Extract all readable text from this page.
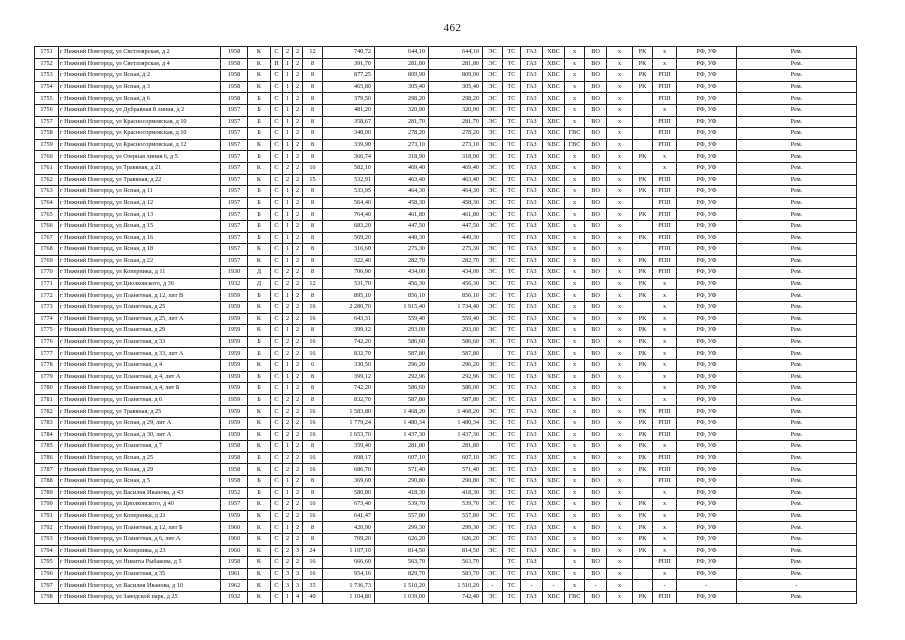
462
1751	г Нижний Новгород, ул Светлоярская, д 2	1958	К	С	2	2	12	740,72	644,10	644,10	ЭС	ТС	ГАЗ	ХВС	х	ВО	х	РК	х	РФ, УФ	Рем.
1752	г Нижний Новгород, ул Светлоярская, д 4	1958	К	П	1	2	8	391,70	281,80	281,80	ЭС	ТС	ГАЗ	ХВС	х	ВО	х	РК	х	РФ, УФ	Рем.
1753	г Нижний Новгород, ул Ясная, д 2	1958	К	С	1	2	8	877,25	809,90	809,90	ЭС	ТС	ГАЗ	ХВС	х	ВО	х	РК	РПП	РФ, УФ	Рем.
1754	г Нижний Новгород, ул Ясная, д 3	1958	К	С	1	2	8	465,80	305,40	305,40	ЭС	ТС	ГАЗ	ХВС	х	ВО	х	РК	РПП	РФ, УФ	Рем.
1755	г Нижний Новгород, ул Ясная, д 6	1958	Б	С	1	2	8	379,50	298,20	298,20	ЭС	ТС	ГАЗ	ХВС	х	ВО	х		РПП	РФ, УФ	Рем.
1756	г Нижний Новгород, ул Дубравная 8 линия, д 2	1957	Б	С	1	2	8	481,20	320,90	320,90	ЭС	ТС	ГАЗ	ХВС	х	ВО	х		х	РФ, УФ	Рем.
1757	г Нижний Новгород, ул Красносормовская, д 10	1957	Б	С	1	2	8	358,67	281,70	281,70	ЭС	ТС	ГАЗ	ХВС	х	ВО	х		РПП	РФ, УФ	Рем.
1758	г Нижний Новгород, ул Красносормовская, д 10	1957	Б	С	1	2	8	348,00	278,20	278,20	ЭС	ТС	ГАЗ	ХВС	ГВС	ВО	х		РПП	РФ, УФ	Рем.
1759	г Нижний Новгород, ул Красносормовская, д 12	1957	К	С	1	2	8	339,90	273,10	273,10	ЭС	ТС	ГАЗ	ХВС	ГВС	ВО	х		РПП	РФ, УФ	Рем.
1760	г Нижний Новгород, ул Озерная линия 6, д 5	1957	Б	С	1	2	8	366,74	318,90	318,90	ЭС	ТС	ГАЗ	ХВС	х	ВО	х	РК	х	РФ, УФ	Рем.
1761	г Нижний Новгород, ул Травяная, д 21	1957	К	С	2	2	16	582,10	469,40	469,40	ЭС	ТС	ГАЗ	ХВС	х	ВО	х		х	РФ, УФ	Рем.
1762	г Нижний Новгород, ул Травяная, д 22	1957	К	С	2	2	15	532,91	463,40	463,40	ЭС	ТС	ГАЗ	ХВС	х	ВО	х	РК	РПП	РФ, УФ	Рем.
1763	г Нижний Новгород, ул Ясная, д 11	1957	Б	С	1	2	8	533,95	464,30	464,30	ЭС	ТС	ГАЗ	ХВС	х	ВО	х	РК	РПП	РФ, УФ	Рем.
1764	г Нижний Новгород, ул Ясная, д 12	1957	Б	С	1	2	8	564,40	458,30	458,30	ЭС	ТС	ГАЗ	ХВС	х	ВО	х		РПП	РФ, УФ	Рем.
1765	г Нижний Новгород, ул Ясная, д 13	1957	Б	С	1	2	8	764,40	461,80	461,80	ЭС	ТС	ГАЗ	ХВС	х	ВО	х	РК	РПП	РФ, УФ	Рем.
1766	г Нижний Новгород, ул Ясная, д 15	1957	Б	С	1	2	8	683,20	447,50	447,50	ЭС	ТС	ГАЗ	ХВС	х	ВО	х		РПП	РФ, УФ	Рем.
1767	г Нижний Новгород, ул Ясная, д 16	1957	Б	С	1	2	8	569,20	449,30	449,30		ТС	ГАЗ	ХВС	х	ВО	х	РК	РПП	РФ, УФ	Рем.
1768	г Нижний Новгород, ул Ясная, д 18	1957	К	С	1	2	8	316,60	275,30	275,30	ЭС	ТС	ГАЗ	ХВС	х	ВО	х		РПП	РФ, УФ	Рем.
1769	г Нижний Новгород, ул Ясная, д 22	1957	К	С	1	2	8	322,40	282,70	282,70	ЭС	ТС	ГАЗ	ХВС	х	ВО	х	РК	РПП	РФ, УФ	Рем.
1770	г Нижний Новгород, ул Коперника, д 11	1930	Д	С	2	2	8	706,90	434,00	434,00	ЭС	ТС	ГАЗ	ХВС	х	ВО	х	РК	РПП	РФ, УФ	Рем.
1771	г Нижний Новгород, ул Циолковского, д 36	1932	Д	С	2	2	12	531,70	456,30	456,30	ЭС	ТС	ГАЗ	ХВС	х	ВО	х	РК	х	РФ, УФ	Рем.
1772	г Нижний Новгород, ул Планетная, д 12, лит В	1959	Б	С	1	2	8	895,10	856,10	856,10	ЭС	ТС	ГАЗ	ХВС	х	ВО	х	РК	х	РФ, УФ	Рем.
1773	г Нижний Новгород, ул Планетная, д 25	1959	К	С	2	2	16	2 280,70	1 915,40	1 734,40	ЭС	ТС	ГАЗ	ХВС	х	ВО	х		х	РФ, УФ	Рем.
1774	г Нижний Новгород, ул Планетная, д 25, лит А	1959	К	С	2	2	16	643,31	559,40	559,40	ЭС	ТС	ГАЗ	ХВС	х	ВО	х	РК	х	РФ, УФ	Рем.
1775	г Нижний Новгород, ул Планетная, д 29	1959	К	С	1	2	8	399,12	293,00	293,00	ЭС	ТС	ГАЗ	ХВС	х	ВО	х	РК	х	РФ, УФ	Рем.
1776	г Нижний Новгород, ул Планетная, д 33	1959	Б	С	2	2	16	742,20	586,60	586,60	ЭС	ТС	ГАЗ	ХВС	х	ВО	х	РК	х	РФ, УФ	Рем.
1777	г Нижний Новгород, ул Планетная, д 33, лит А	1959	Б	С	2	2	16	832,70	587,80	587,80		ТС	ГАЗ	ХВС	х	ВО	х	РК	х	РФ, УФ	Рем.
1778	г Нижний Новгород, ул Планетная, д 4	1959	К	С	1	2	6	330,50	296,20	296,20	ЭС	ТС	ГАЗ	ХВС	х	ВО	х	РК	х	РФ, УФ	Рем.
1779	г Нижний Новгород, ул Планетная, д 4, лит А	1959	Б	С	1	2	8	399,12	292,96	292,96	ЭС	ТС	ГАЗ	ХВС	х	ВО	х		х	РФ, УФ	Рем.
1780	г Нижний Новгород, ул Планетная, д 4, лит Б	1959	Б	С	1	2	8	742,20	586,60	586,00	ЭС	ТС	ГАЗ	ХВС	х	ВО	х		х	РФ, УФ	Рем.
1781	г Нижний Новгород, ул Планетная, д 6	1959	Б	С	2	2	8	832,70	587,80	587,80	ЭС	ТС	ГАЗ	ХВС	х	ВО	х		х	РФ, УФ	Рем.
1782	г Нижний Новгород, ул Травяная, д 25	1959	К	С	2	2	16	1 583,80	1 468,20	1 468,20	ЭС	ТС	ГАЗ	ХВС	х	ВО	х	РК	РПП	РФ, УФ	Рем.
1783	г Нижний Новгород, ул Ясная, д 29, лит А	1959	К	С	2	2	16	1 779,24	1 480,34	1 480,34	ЭС	ТС	ГАЗ	ХВС	х	ВО	х	РК	РПП	РФ, УФ	Рем.
1784	г Нижний Новгород, ул Ясная, д 30, лит А	1959	К	С	2	2	16	1 653,70	1 437,30	1 437,30	ЭС	ТС	ГАЗ	ХВС	х	ВО	х	РК	РПП	РФ, УФ	Рем.
1785	г Нижний Новгород, ул Планетная, д 7	1958	К	С	1	2	8	359,40	281,80	281,80		ТС	ГАЗ	ХВС	х	ВО	х	РК	х	РФ, УФ	Рем.
1786	г Нижний Новгород, ул Ясная, д 25	1958	Б	С	2	2	16	698,17	607,10	607,10	ЭС	ТС	ГАЗ	ХВС	х	ВО	х	РК	РПП	РФ, УФ	Рем.
1787	г Нижний Новгород, ул Ясная, д 29	1958	К	С	2	2	16	686,70	571,40	571,40	ЭС	ТС	ГАЗ	ХВС	х	ВО	х	РК	РПП	РФ, УФ	Рем.
1788	г Нижний Новгород, ул Ясная, д 5	1958	Б	С	1	2	8	369,60	290,80	290,80	ЭС	ТС	ГАЗ	ХВС	х	ВО	х		РПП	РФ, УФ	Рем.
1789	г Нижний Новгород, ул Василия Иванова, д 43	1952	Б	С	1	2	8	580,80	418,30	418,30	ЭС	ТС	ГАЗ	ХВС	х	ВО	х		х	РФ, УФ	Рем.
1790	г Нижний Новгород, ул Циолковского, д 40	1957	К	С	2	2	16	673,40	539,70	539,70	ЭС	ТС	ГАЗ	ХВС	х	ВО	х	РК	х	РФ, УФ	Рем.
1791	г Нижний Новгород, ул Коперника, д 21	1959	К	С	2	2	16	641,47	557,80	557,80	ЭС	ТС	ГАЗ	ХВС	х	ВО	х	РК	х	РФ, УФ	Рем.
1792	г Нижний Новгород, ул Планетная, д 12, лит Б	1960	К	С	1	2	8	420,90	299,30	299,30	ЭС	ТС	ГАЗ	ХВС	х	ВО	х	РК	х	РФ, УФ	Рем.
1793	г Нижний Новгород, ул Планетная, д 6, лит А	1960	К	С	2	2	8	709,20	626,20	626,20	ЭС	ТС	ГАЗ	ХВС	х	ВО	х	РК	х	РФ, УФ	Рем.
1794	г Нижний Новгород, ул Коперника, д 23	1960	К	С	2	3	24	1 107,10	814,50	814,50	ЭС	ТС	ГАЗ	ХВС	х	ВО	х	РК	х	РФ, УФ	Рем.
1795	г Нижний Новгород, ул Никиты Рыбакова, д 5	1958	К	С	2	2	16	666,60	563,70	563,70		ТС	ГАЗ		х	ВО	х		РПП	РФ, УФ	Рем.
1796	г Нижний Новгород, ул Планетная, д 35	1961	К	С	3	3	16	954,16	829,70	583,70	ЭС	ТС	ГАЗ	ХВС	х	ВО	х		х	РФ, УФ	Рем.
1797	г Нижний Новгород, ул Василия Иванова, д 10	1962	К	С	3	3	35	1 736,73	1 510,20	1 510,20	-	ТС	-	-	х	-	х		-	-	-
1798	г Нижний Новгород, ул Заводской парк, д 25	1932	К	С	1	4	40	1 104,80	1 039,00	742,40	ЭС	ТС	ГАЗ	ХВС	ГВС	ВО	х	РК	РПП	РФ, УФ	Рем.
